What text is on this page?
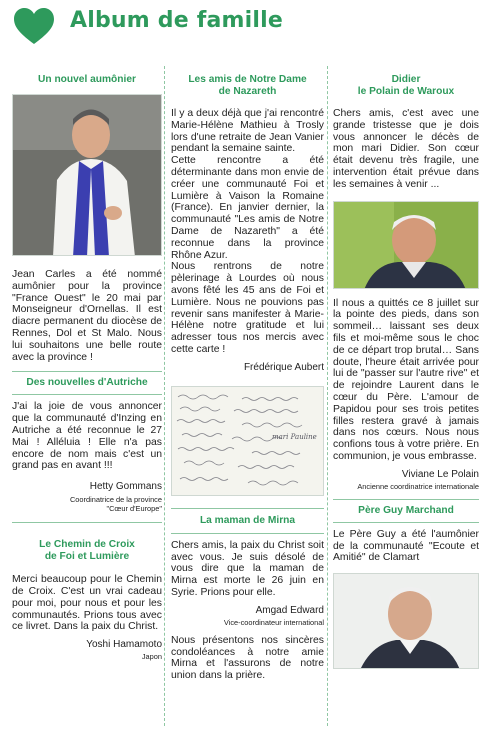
Album de famille
Un nouvel aumônier

Jean Carles a été nommé aumônier pour la province "France Ouest" le 20 mai par Monseigneur d'Ornellas. Il est diacre permanent du diocèse de Rennes, Dol et St Malo. Nous lui souhaitons une belle route avec la province !

Des nouvelles d'Autriche

J'ai la joie de vous annoncer que la communauté d'Inzing en Autriche a été reconnue le 27 Mai ! Alléluia ! Elle n'a pas encore de nom mais c'est un grand pas en avant !!!

Hetty Gommans
Coordinatrice de la province
"Cœur d'Europe"
Le Chemin de Croix
de Foi et Lumière

Merci beaucoup pour le Chemin de Croix. C'est un vrai cadeau pour moi, pour nous et pour les communautés. Prions tous avec ce livret. Dans la paix du Christ.

Yoshi Hamamoto
Japon
Les amis de Notre Dame
de Nazareth

Il y a deux déjà que j'ai rencontré Marie-Hélène Mathieu à Trosly lors d'une retraite de Jean Vanier pendant la semaine sainte.

Cette rencontre a été déterminante dans mon envie de créer une communauté Foi et Lumière à Vaison la Romaine (France). En janvier dernier, la communauté "Les amis de Notre Dame de Nazareth" a été reconnue dans la province Rhône Azur.

Nous rentrons de notre pèlerinage à Lourdes où nous avons fêté les 45 ans de Foi et Lumière. Nous ne pouvions pas revenir sans manifester à Marie-Hélène notre gratitude et lui adresser tous nos mercis avec cette carte !

Frédérique Aubert
mari Pauline
La maman de Mirna

Chers amis, la paix du Christ soit avec vous. Je suis désolé de vous dire que la maman de Mirna est morte le 26 juin en Syrie. Prions pour elle.

Amgad Edward
Vice-coordinateur international

Nous présentons nos sincères condoléances à notre amie Mirna et l'assurons de notre union dans la prière.

Didier
le Polain de Waroux

Chers amis, c'est avec une grande tristesse que je dois vous annoncer le décès de mon mari Didier. Son cœur était devenu très fragile, une intervention était prévue dans les semaines à venir ...

Il nous a quittés ce 8 juillet sur la pointe des pieds, dans son sommeil… laissant ses deux fils et moi-même sous le choc de ce départ trop brutal… Sans doute, l'heure était arrivée pour lui de "passer sur l'autre rive" et de rejoindre Laurent dans le cœur du Père. L'amour de Papidou pour ses trois petites filles restera gravé à jamais dans nos cœurs. Nous nous confions tous à votre prière. En communion, je vous embrasse.

Viviane Le Polain
Ancienne coordinatrice internationale
Père Guy Marchand

Le Père Guy a été l'aumônier de la communauté "Ecoute et Amitié" de Clamart
